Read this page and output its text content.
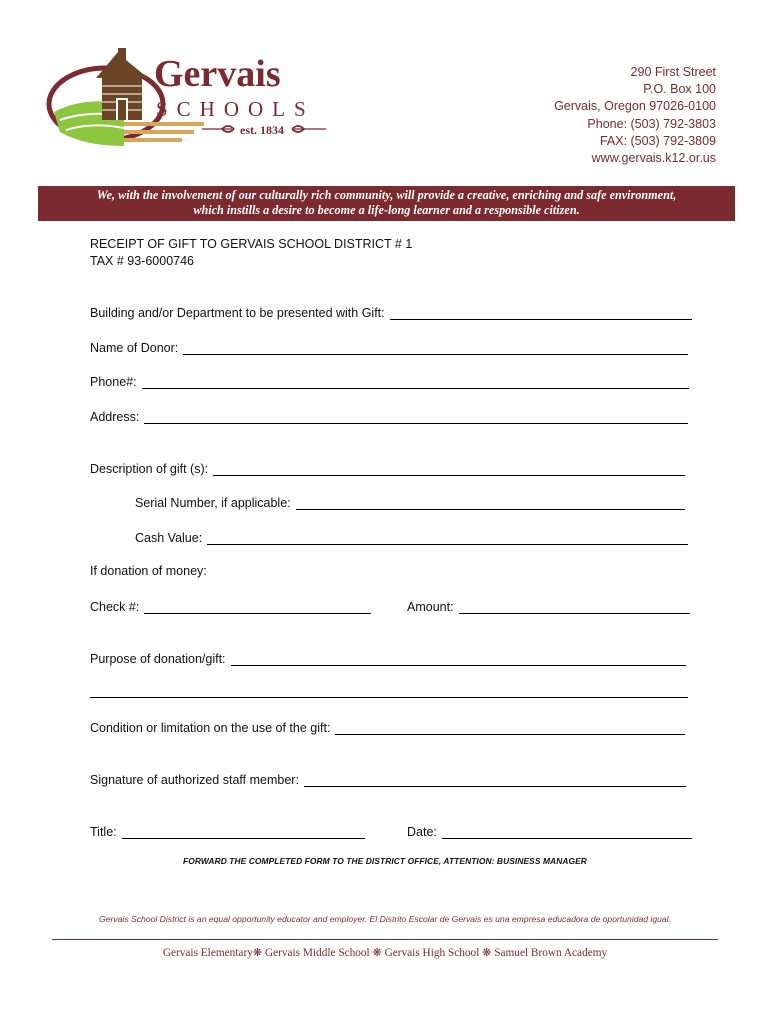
Gervais
SCHOOLS
est. 1834
290 First Street
P.O. Box 100
Gervais, Oregon 97026-0100
Phone: (503) 792-3803
FAX: (503) 792-3809
www.gervais.k12.or.us
We, with the involvement of our culturally rich community, will provide a creative, enriching and safe environment,
which instills a desire to become a life-long learner and a responsible citizen.
RECEIPT OF GIFT TO GERVAIS SCHOOL DISTRICT # 1
TAX # 93-6000746
Building and/or Department to be presented with Gift:
Name of Donor:
Phone#:
Address:
Description of gift (s):
Serial Number, if applicable:
Cash Value:
If donation of money:
Check #:	Amount:
Purpose of donation/gift:
Condition or limitation on the use of the gift:
Signature of authorized staff member:
Title:	Date:
FORWARD THE COMPLETED FORM TO THE DISTRICT OFFICE, ATTENTION: BUSINESS MANAGER
Gervais School District is an equal opportunity educator and employer. El Distrito Escolar de Gervais es una empresa educadora de oportunidad igual.
Gervais Elementary❋ Gervais Middle School ❋ Gervais High School ❋ Samuel Brown Academy
